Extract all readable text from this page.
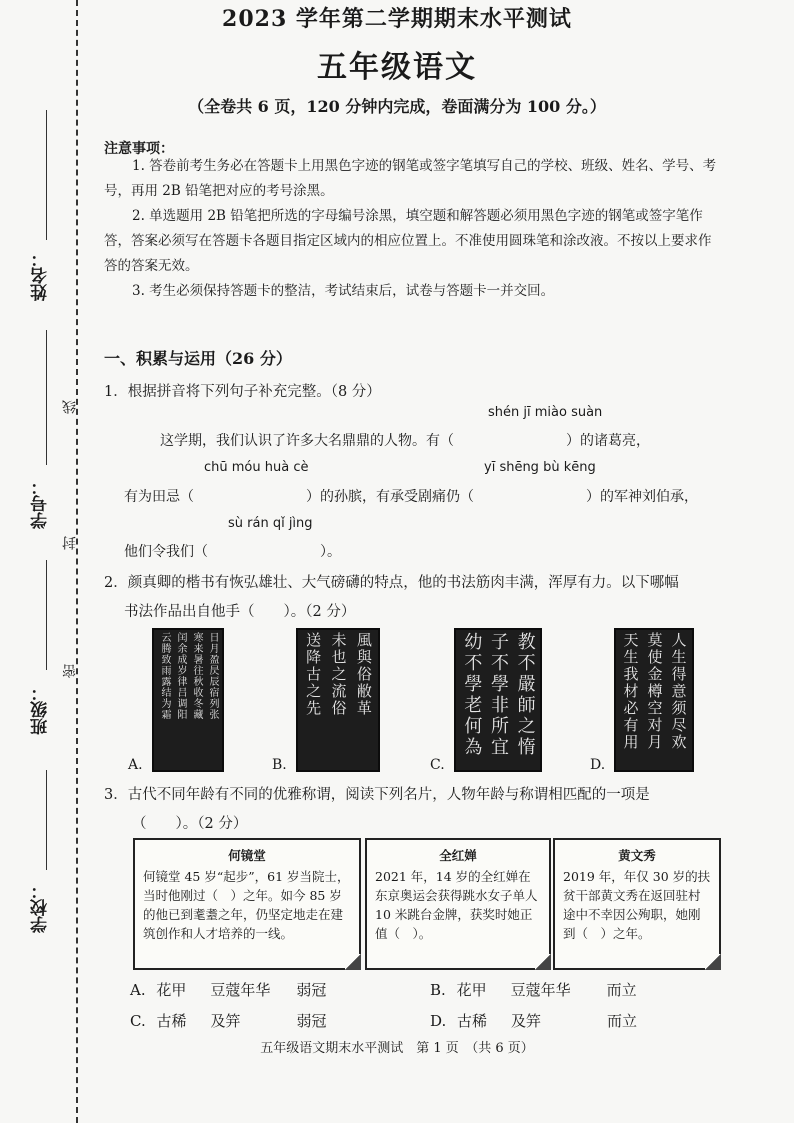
姓名：
学号：
班级：
学校：
线
封
密
2023 学年第二学期期末水平测试
五年级语文
（全卷共 6 页，120 分钟内完成，卷面满分为 100 分。）
注意事项：

1. 答卷前考生务必在答题卡上用黑色字迹的钢笔或签字笔填写自己的学校、班级、姓名、学号、考号，再用 2B 铅笔把对应的考号涂黑。

2. 单选题用 2B 铅笔把所选的字母编号涂黑，填空题和解答题必须用黑色字迹的钢笔或签字笔作答，答案必须写在答题卡各题目指定区域内的相应位置上。不准使用圆珠笔和涂改液。不按以上要求作答的答案无效。

3. 考生必须保持答题卡的整洁，考试结束后，试卷与答题卡一并交回。

一、积累与运用（26 分）
1．根据拼音将下列句子补充完整。（8 分）
shén jī miào suàn
这学期，我们认识了许多大名鼎鼎的人物。有（	）的诸葛亮，
chū móu huà cè	yī shēng bù kēng
有为田忌（	）的孙膑，有承受剧痛仍（	）的军神刘伯承，
sù rán qǐ jìng
他们令我们（	）。
2．颜真卿的楷书有恢弘雄壮、大气磅礴的特点，他的书法筋肉丰满，浑厚有力。以下哪幅
书法作品出自他手（　　）。（2 分）
A.
日月盈昃辰宿列张
寒来暑往秋收冬藏
闰余成岁律吕调阳
云腾致雨露结为霜
B.
風與俗敝革
未也之流俗
送降古之先
C.
教不嚴師之惰
子不學非所宜
幼不學老何為
D.
人生得意须尽欢
莫使金樽空对月
天生我材必有用
3．古代不同年龄有不同的优雅称谓，阅读下列名片，人物年龄与称谓相匹配的一项是
（　　）。（2 分）
何镜堂
何镜堂 45 岁“起步”，61 岁当院士，当时他刚过（　）之年。如今 85 岁的他已到耄耋之年，仍坚定地走在建筑创作和人才培养的一线。
全红婵
2021 年，14 岁的全红婵在东京奥运会获得跳水女子单人 10 米跳台金牌，获奖时她正值（　）。
黄文秀
2019 年，年仅 30 岁的扶贫干部黄文秀在返回驻村途中不幸因公殉职，她刚到（　）之年。
A. 花甲 豆蔻年华 弱冠	B. 花甲 豆蔻年华 而立
C. 古稀 及笄	弱冠	D. 古稀 及笄	而立
五年级语文期末水平测试　第 1 页　（共 6 页）
